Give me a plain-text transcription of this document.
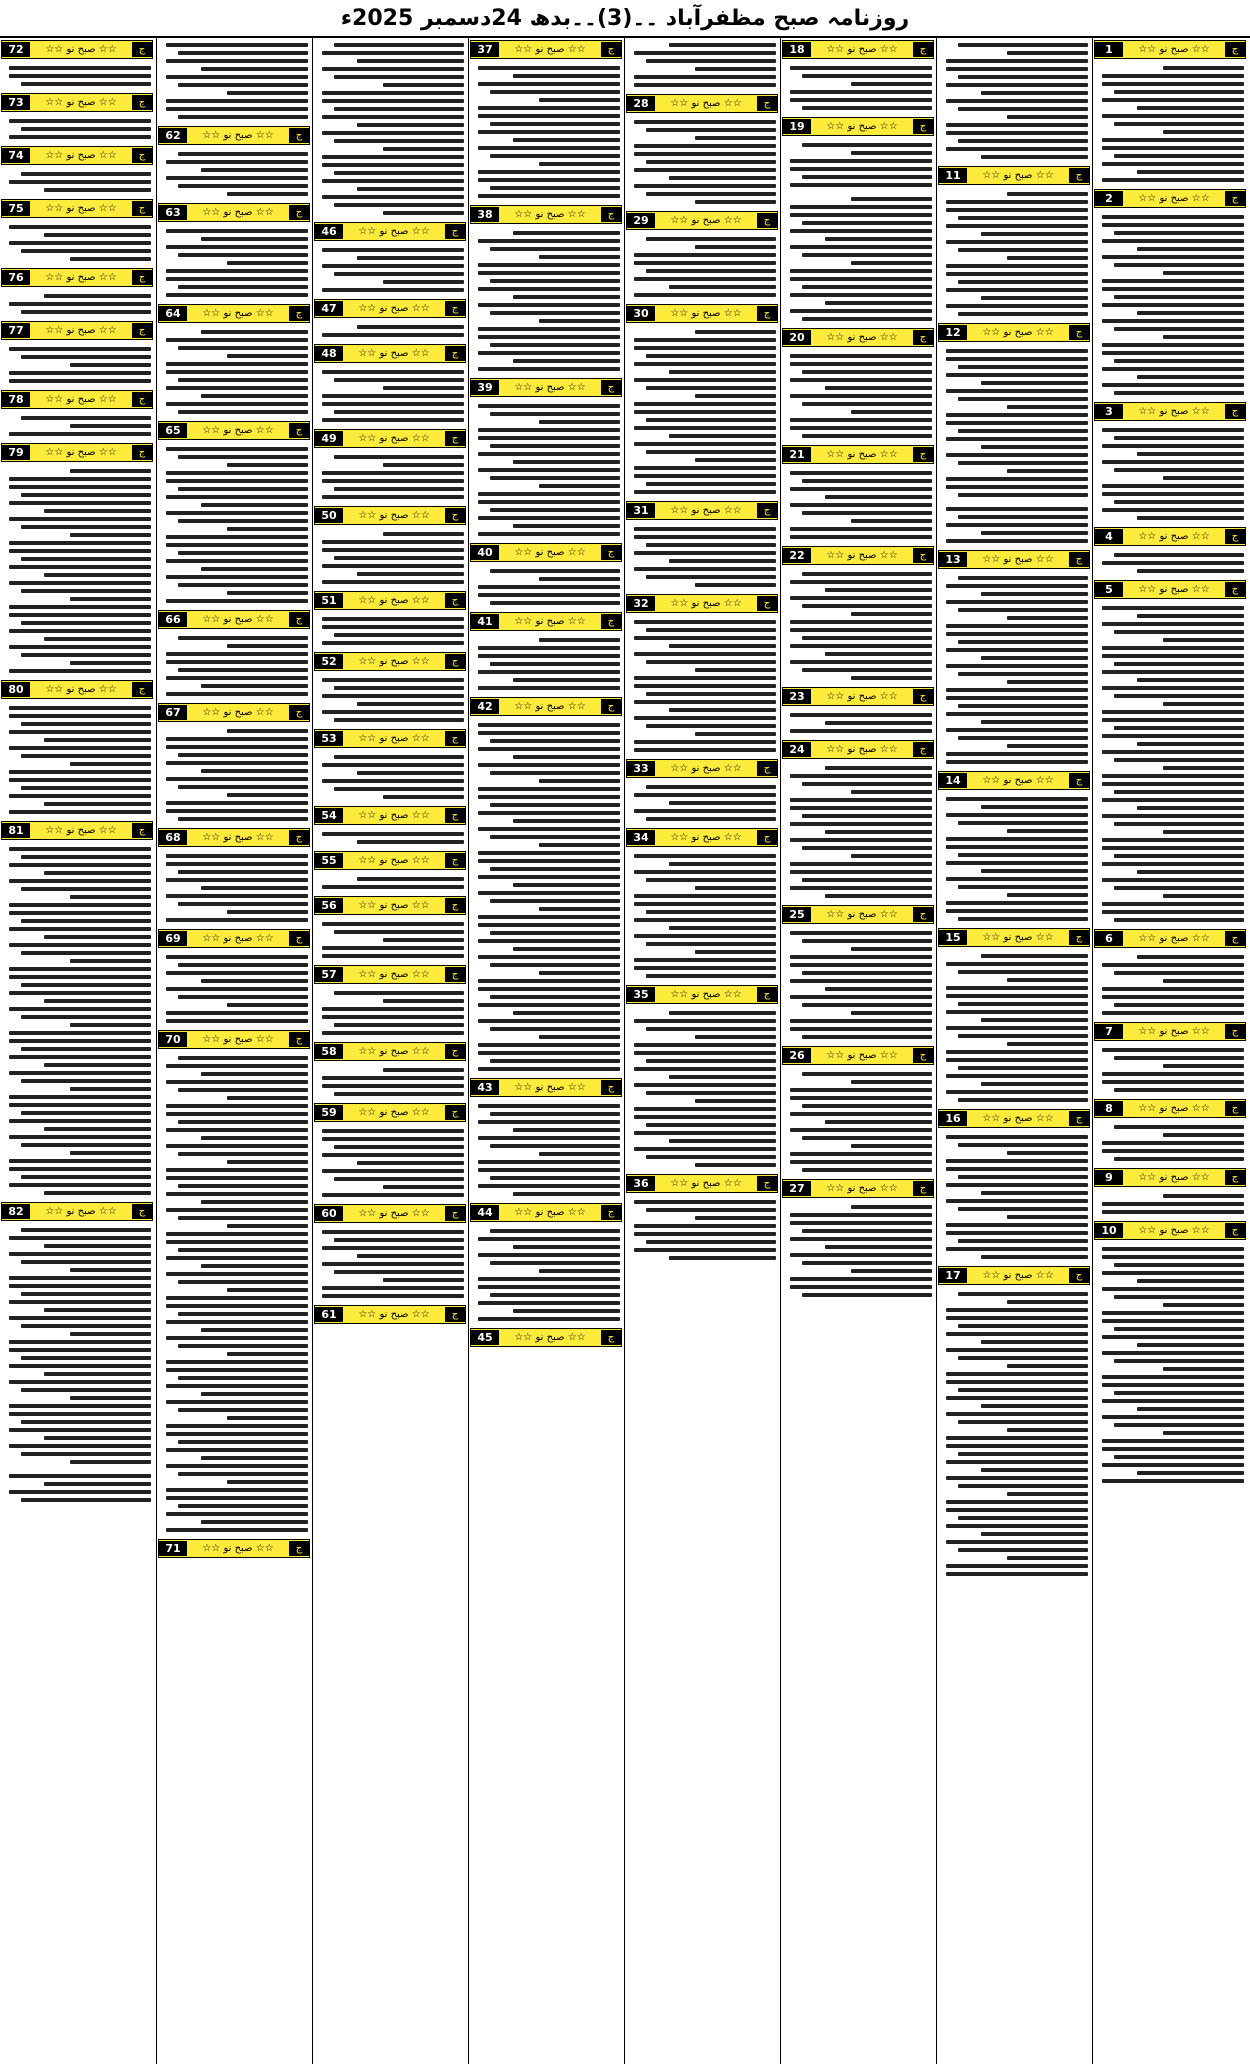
روزنامہ صبح مظفرآباد ۔۔(3)۔۔بدھ 24دسمبر 2025ء
72	☆☆ صبح نو ☆☆	ج
73	☆☆ صبح نو ☆☆	ج
74	☆☆ صبح نو ☆☆	ج
75	☆☆ صبح نو ☆☆	ج
76	☆☆ صبح نو ☆☆	ج
77	☆☆ صبح نو ☆☆	ج
78	☆☆ صبح نو ☆☆	ج
79	☆☆ صبح نو ☆☆	ج
80	☆☆ صبح نو ☆☆	ج
81	☆☆ صبح نو ☆☆	ج
82	☆☆ صبح نو ☆☆	ج
62	☆☆ صبح نو ☆☆	ج
63	☆☆ صبح نو ☆☆	ج
64	☆☆ صبح نو ☆☆	ج
65	☆☆ صبح نو ☆☆	ج
66	☆☆ صبح نو ☆☆	ج
67	☆☆ صبح نو ☆☆	ج
68	☆☆ صبح نو ☆☆	ج
69	☆☆ صبح نو ☆☆	ج
70	☆☆ صبح نو ☆☆	ج
71	☆☆ صبح نو ☆☆	ج
46	☆☆ صبح نو ☆☆	ج
47	☆☆ صبح نو ☆☆	ج
48	☆☆ صبح نو ☆☆	ج
49	☆☆ صبح نو ☆☆	ج
50	☆☆ صبح نو ☆☆	ج
51	☆☆ صبح نو ☆☆	ج
52	☆☆ صبح نو ☆☆	ج
53	☆☆ صبح نو ☆☆	ج
54	☆☆ صبح نو ☆☆	ج
55	☆☆ صبح نو ☆☆	ج
56	☆☆ صبح نو ☆☆	ج
57	☆☆ صبح نو ☆☆	ج
58	☆☆ صبح نو ☆☆	ج
59	☆☆ صبح نو ☆☆	ج
60	☆☆ صبح نو ☆☆	ج
61	☆☆ صبح نو ☆☆	ج
37	☆☆ صبح نو ☆☆	ج
38	☆☆ صبح نو ☆☆	ج
39	☆☆ صبح نو ☆☆	ج
40	☆☆ صبح نو ☆☆	ج
41	☆☆ صبح نو ☆☆	ج
42	☆☆ صبح نو ☆☆	ج
43	☆☆ صبح نو ☆☆	ج
44	☆☆ صبح نو ☆☆	ج
45	☆☆ صبح نو ☆☆	ج
28	☆☆ صبح نو ☆☆	ج
29	☆☆ صبح نو ☆☆	ج
30	☆☆ صبح نو ☆☆	ج
31	☆☆ صبح نو ☆☆	ج
32	☆☆ صبح نو ☆☆	ج
33	☆☆ صبح نو ☆☆	ج
34	☆☆ صبح نو ☆☆	ج
35	☆☆ صبح نو ☆☆	ج
36	☆☆ صبح نو ☆☆	ج
18	☆☆ صبح نو ☆☆	ج
19	☆☆ صبح نو ☆☆	ج
20	☆☆ صبح نو ☆☆	ج
21	☆☆ صبح نو ☆☆	ج
22	☆☆ صبح نو ☆☆	ج
23	☆☆ صبح نو ☆☆	ج
24	☆☆ صبح نو ☆☆	ج
25	☆☆ صبح نو ☆☆	ج
26	☆☆ صبح نو ☆☆	ج
27	☆☆ صبح نو ☆☆	ج
11	☆☆ صبح نو ☆☆	ج
12	☆☆ صبح نو ☆☆	ج
13	☆☆ صبح نو ☆☆	ج
14	☆☆ صبح نو ☆☆	ج
15	☆☆ صبح نو ☆☆	ج
16	☆☆ صبح نو ☆☆	ج
17	☆☆ صبح نو ☆☆	ج
1	☆☆ صبح نو ☆☆	ج
2	☆☆ صبح نو ☆☆	ج
3	☆☆ صبح نو ☆☆	ج
4	☆☆ صبح نو ☆☆	ج
5	☆☆ صبح نو ☆☆	ج
6	☆☆ صبح نو ☆☆	ج
7	☆☆ صبح نو ☆☆	ج
8	☆☆ صبح نو ☆☆	ج
9	☆☆ صبح نو ☆☆	ج
10	☆☆ صبح نو ☆☆	ج
